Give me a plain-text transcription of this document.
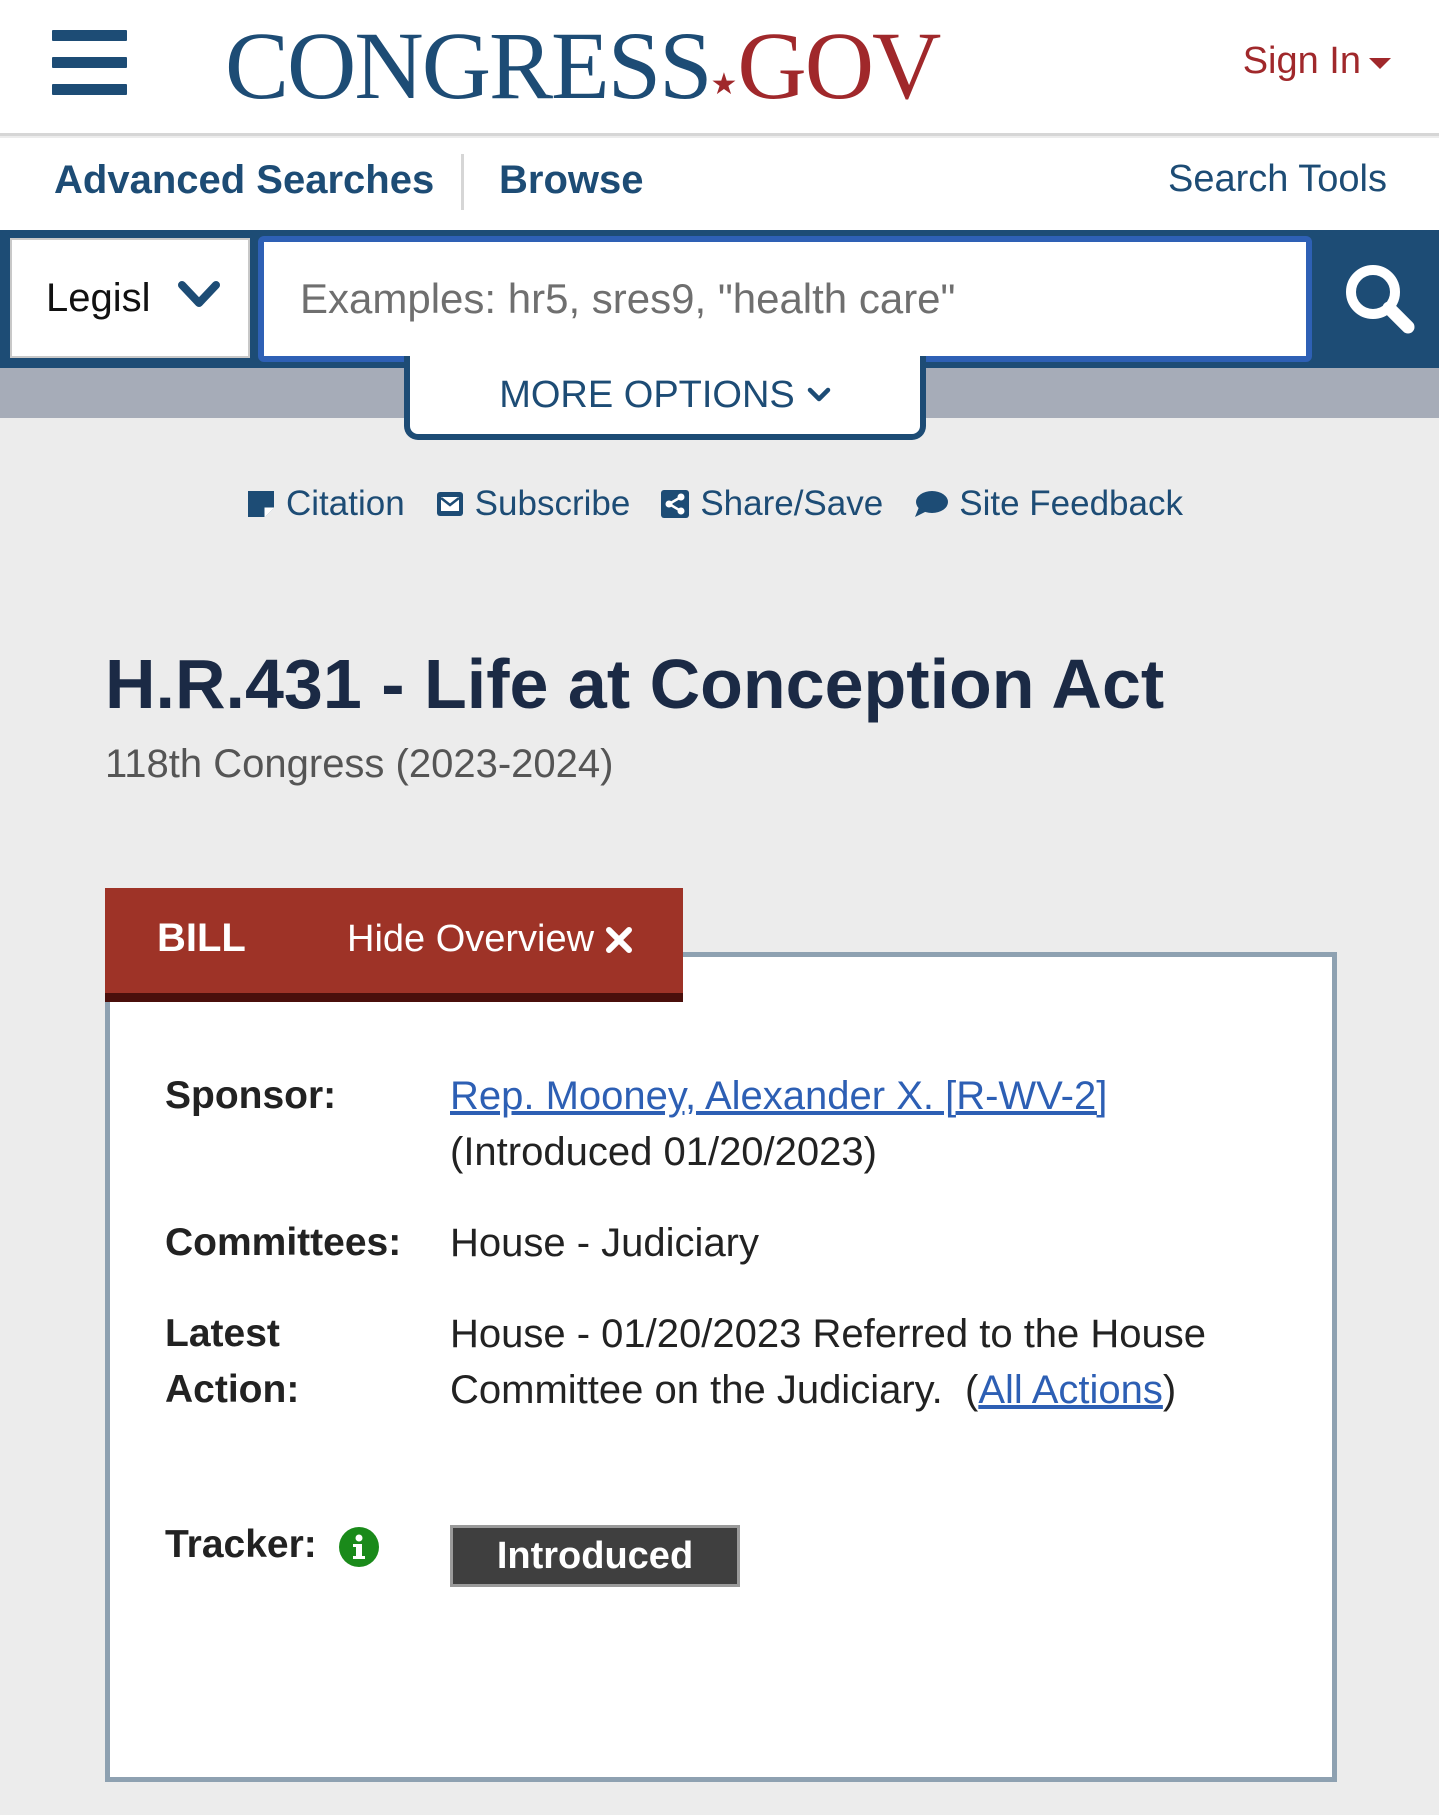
CONGRESS★GOV	Sign In
Advanced Searches Browse	Search Tools
Legisl
Examples: hr5, sres9, "health care"
MORE OPTIONS
Citation Subscribe Share/Save Site Feedback
H.R.431 - Life at Conception Act
118th Congress (2023-2024)
BILL	Hide Overview
Sponsor:	Rep. Mooney, Alexander X. [R-WV-2]
(Introduced 01/20/2023)
Committees: House - Judiciary
Latest
Action:
House - 01/20/2023 Referred to the House Committee on the Judiciary.  (All Actions)
Tracker:	Introduced
